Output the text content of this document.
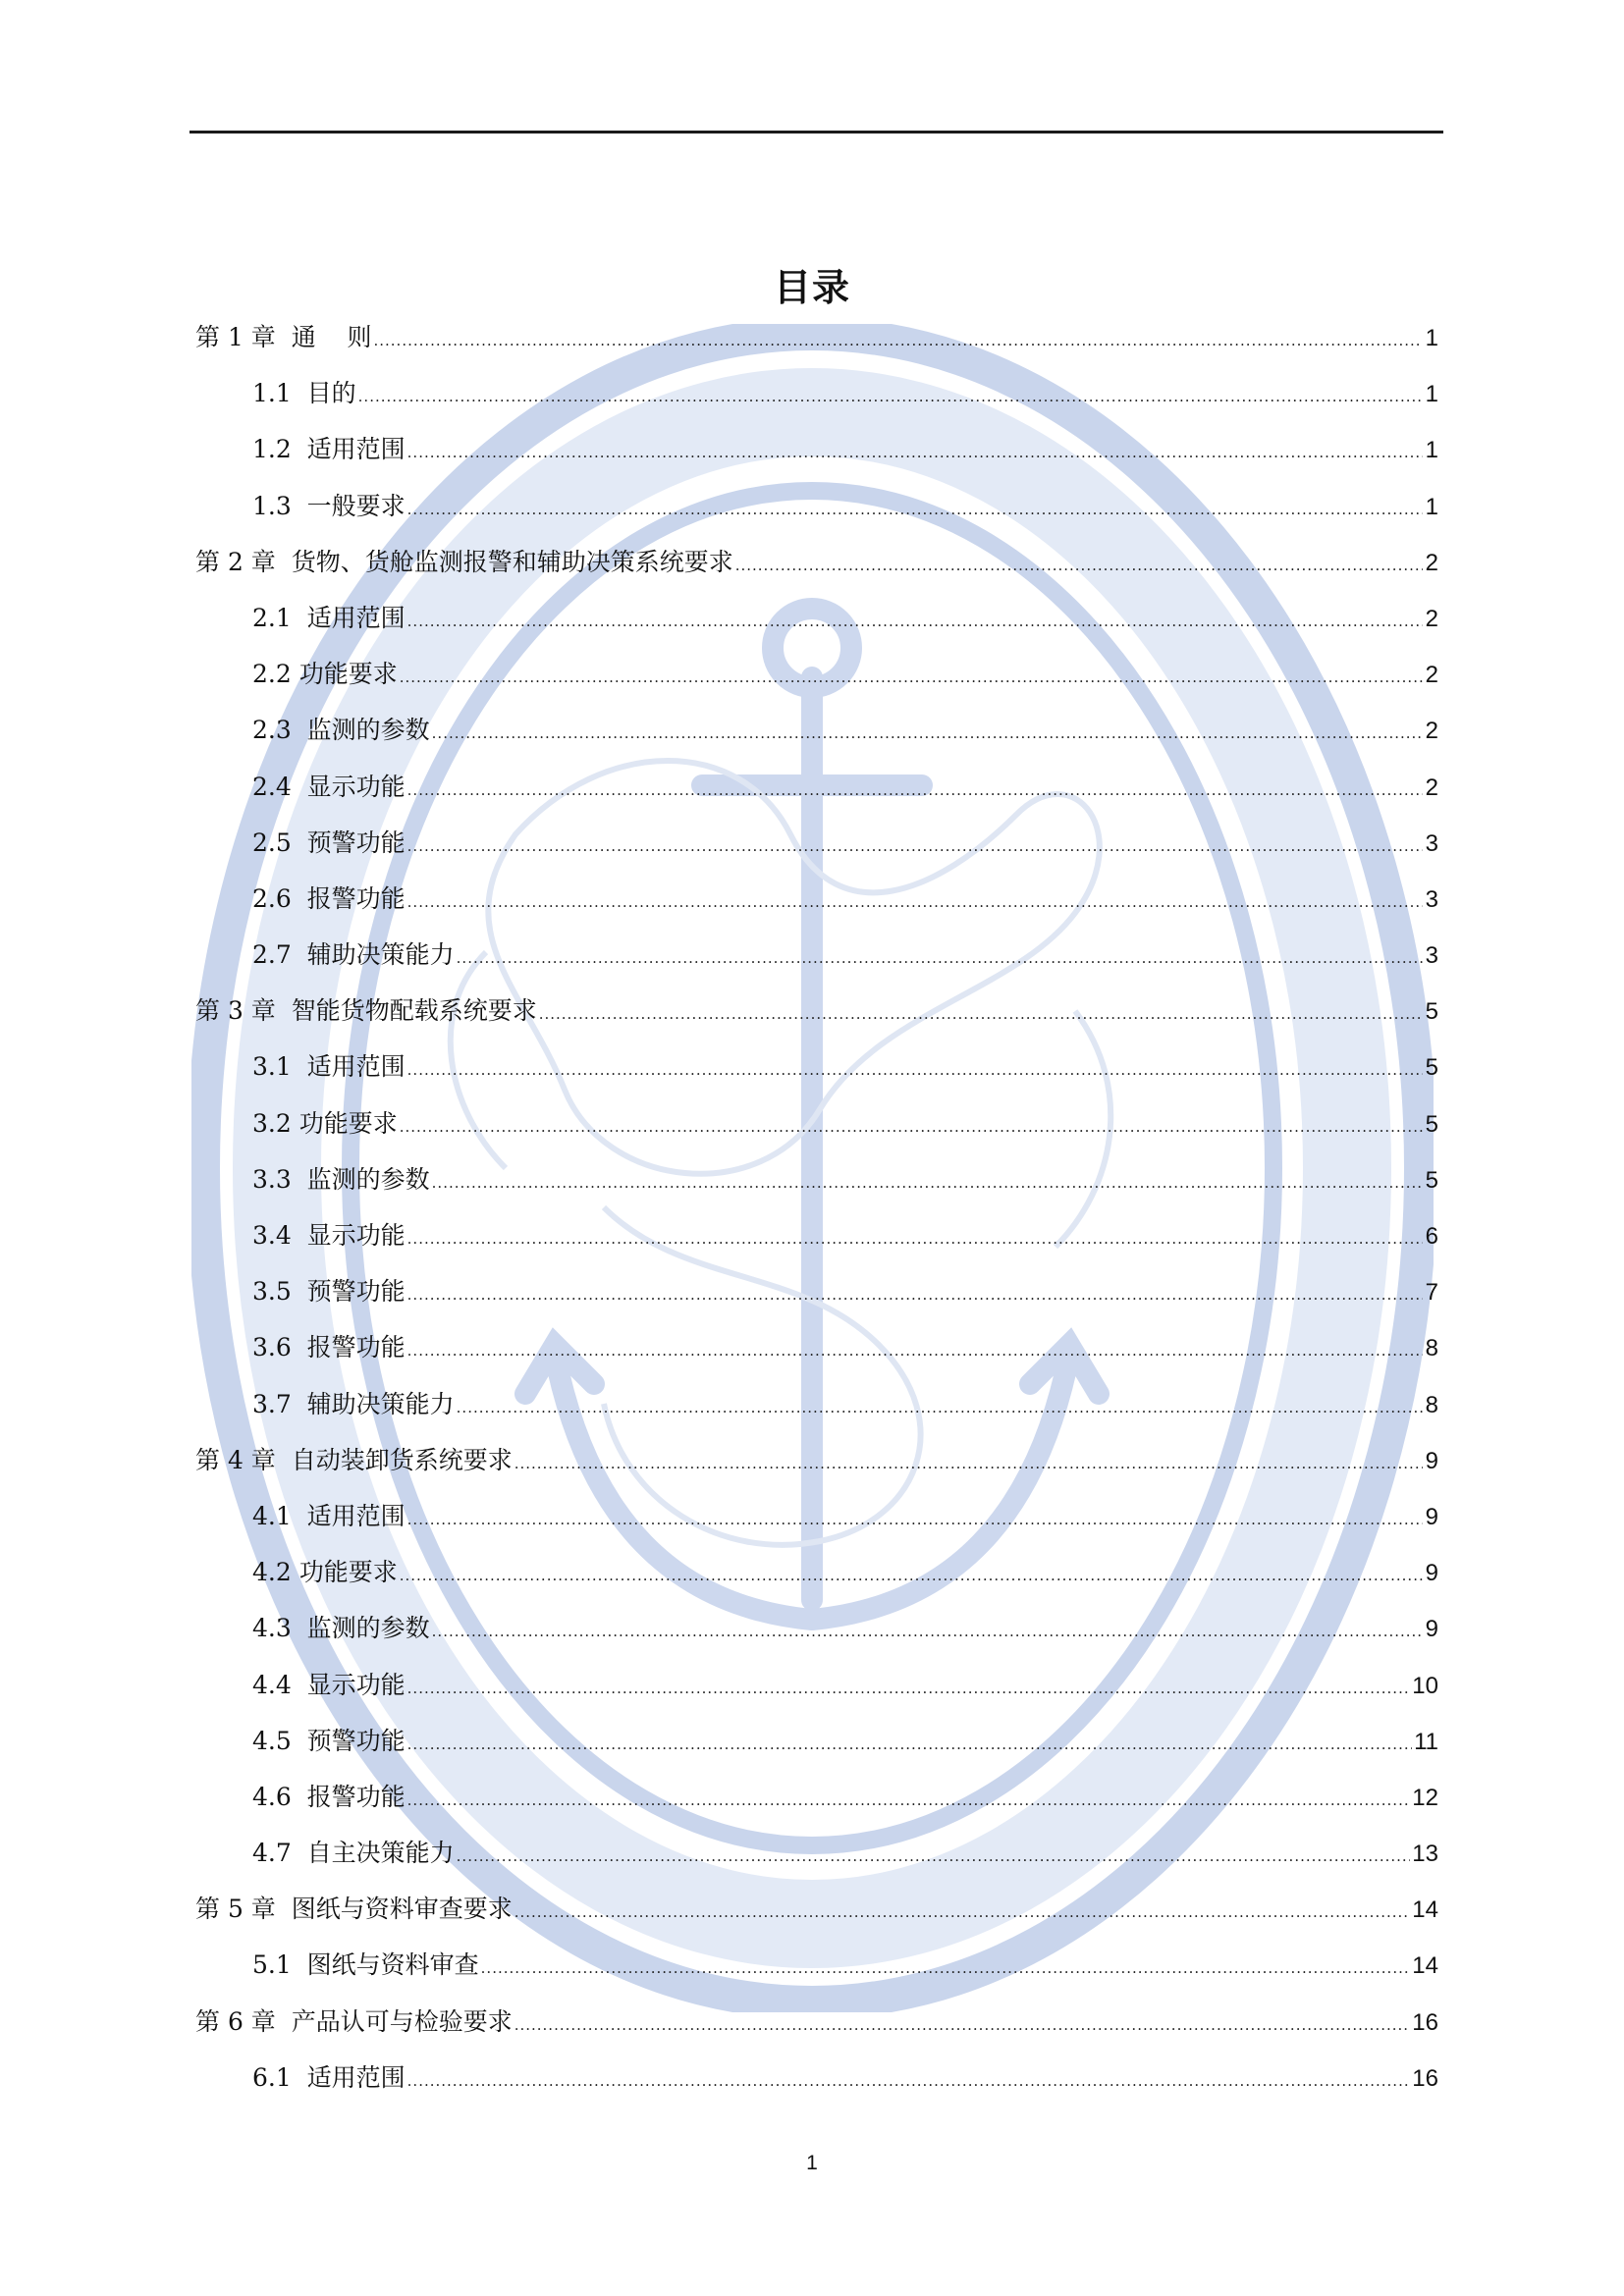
目录
第 1 章  通    则 .....	1
1.1  目的 .....	1
1.2  适用范围 .....	1
1.3  一般要求 .....	1
第 2 章  货物、货舱监测报警和辅助决策系统要求 .....	2
2.1  适用范围 .....	2
2.2 功能要求 .....	2
2.3  监测的参数 .....	2
2.4  显示功能 .....	2
2.5  预警功能 .....	3
2.6  报警功能 .....	3
2.7  辅助决策能力 .....	3
第 3 章  智能货物配载系统要求 .....	5
3.1  适用范围 .....	5
3.2 功能要求 .....	5
3.3  监测的参数 .....	5
3.4  显示功能 .....	6
3.5  预警功能 .....	7
3.6  报警功能 .....	8
3.7  辅助决策能力 .....	8
第 4 章  自动装卸货系统要求 .....	9
4.1  适用范围 .....	9
4.2 功能要求 .....	9
4.3  监测的参数 .....	9
4.4  显示功能 .....	10
4.5  预警功能 .....	11
4.6  报警功能 .....	12
4.7  自主决策能力 .....	13
第 5 章  图纸与资料审查要求 .....	14
5.1  图纸与资料审查 .....	14
第 6 章  产品认可与检验要求 .....	16
6.1  适用范围 .....	16
1
